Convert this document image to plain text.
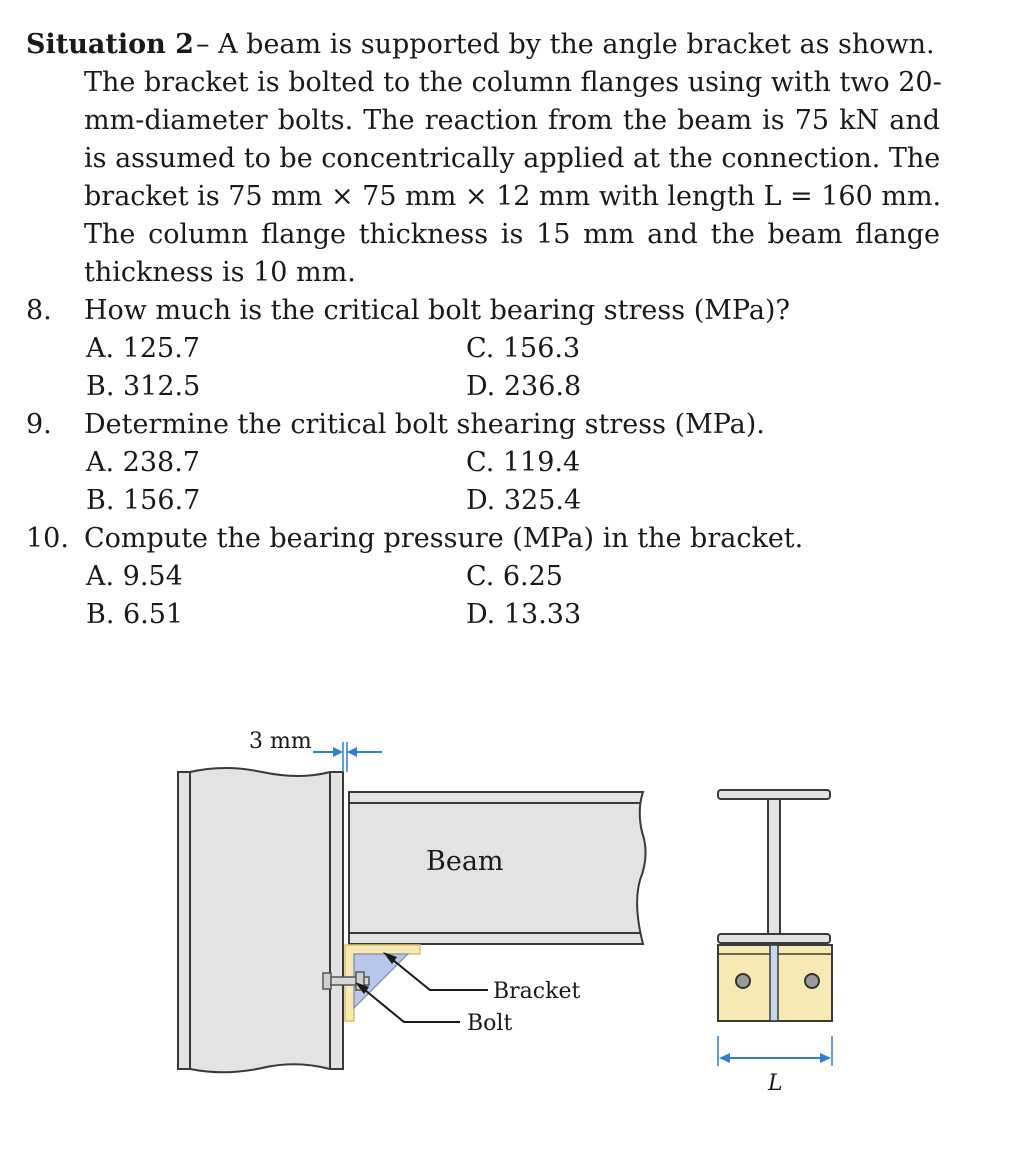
Situation 2 – A beam is supported by the angle bracket as shown.
The bracket is bolted to the column flanges using with two 20-
mm-diameter bolts. The reaction from the beam is 75 kN and
is assumed to be concentrically applied at the connection. The
bracket is 75 mm × 75 mm × 12 mm with length L = 160 mm.
The column flange thickness is 15 mm and the beam flange
thickness is 10 mm.
8. How much is the critical bolt bearing stress (MPa)?
A. 125.7	C. 156.3
B. 312.5	D. 236.8
9. Determine the critical bolt shearing stress (MPa).
A. 238.7	C. 119.4
B. 156.7	D. 325.4
10. Compute the bearing pressure (MPa) in the bracket.
A. 9.54	C. 6.25
B. 6.51	D. 13.33
3 mm
Beam
Bracket
Bolt
L
